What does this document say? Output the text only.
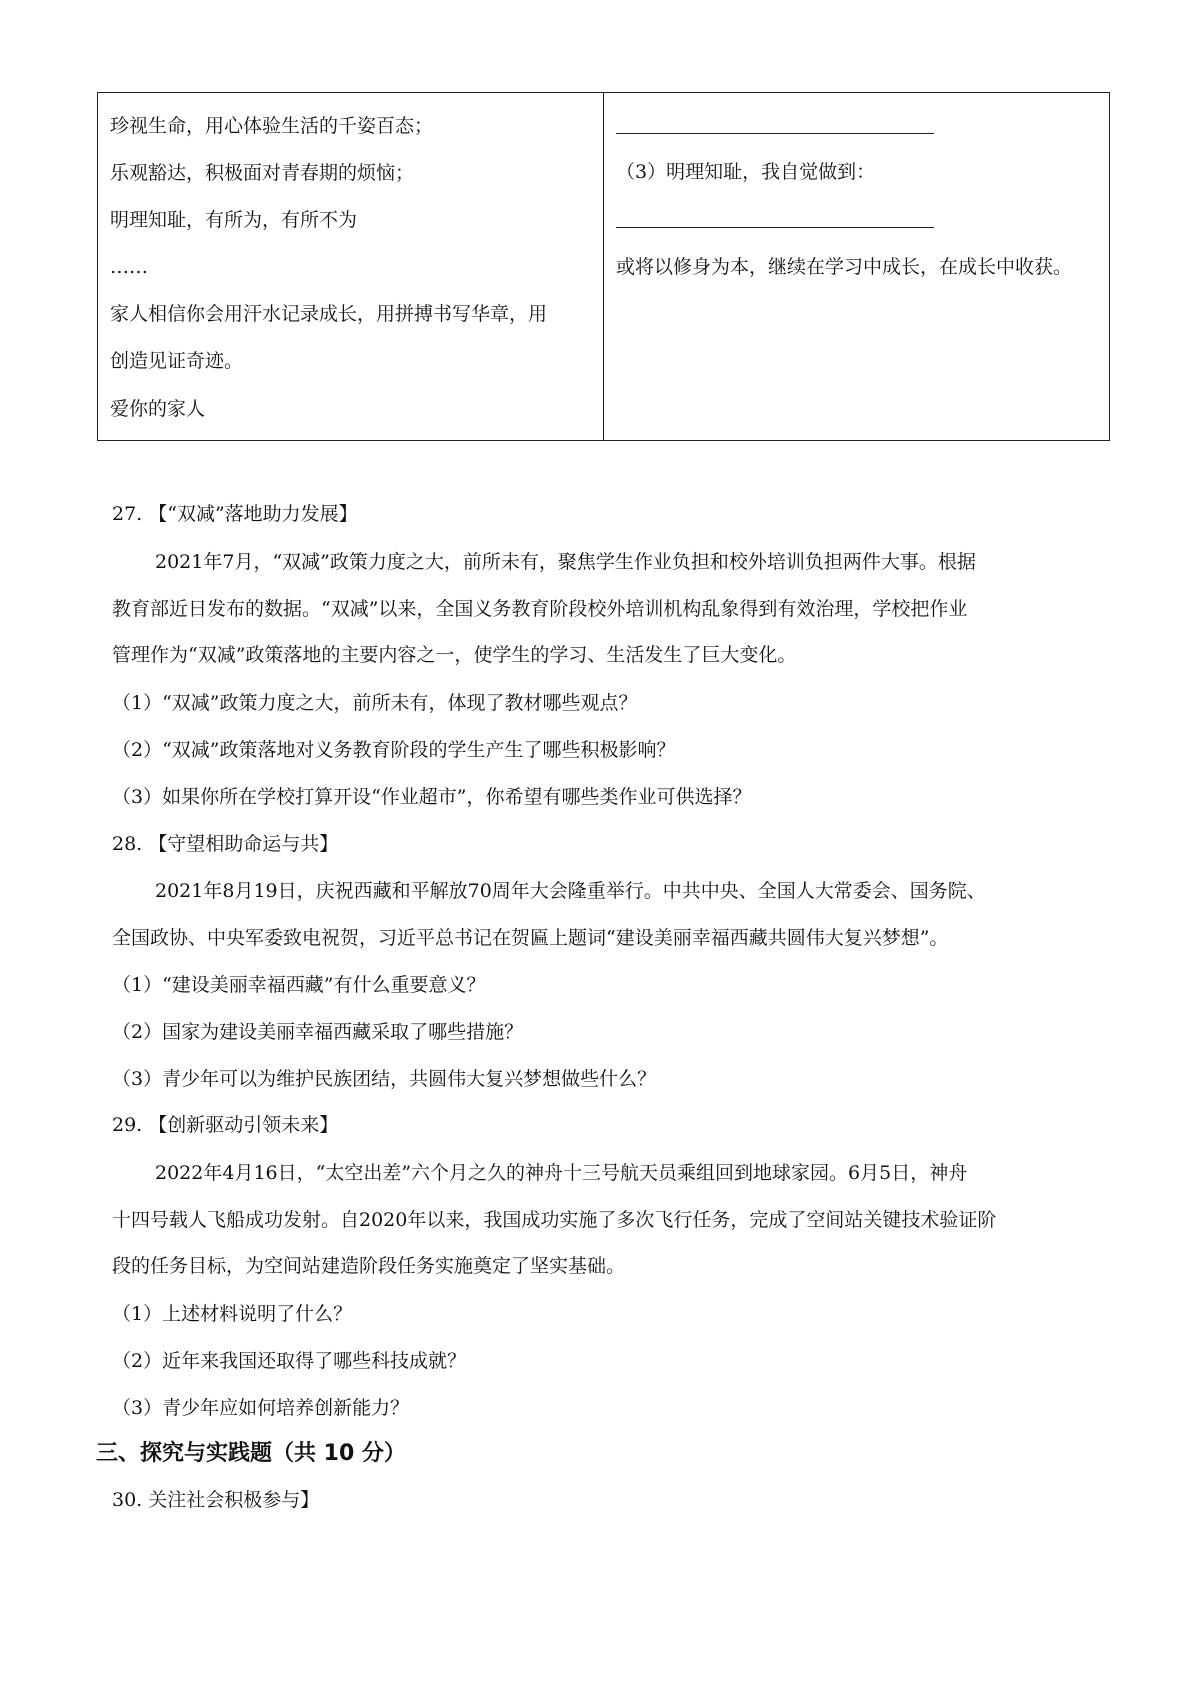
珍视生命，用心体验生活的千姿百态；
乐观豁达，积极面对青春期的烦恼；
明理知耻，有所为，有所不为
……
家人相信你会用汗水记录成长，用拼搏书写华章，用
创造见证奇迹。
爱你的家人
（3）明理知耻，我自觉做到：
或将以修身为本，继续在学习中成长，在成长中收获。
27. 【“双减”落地助力发展】
2021年7月，“双减”政策力度之大，前所未有，聚焦学生作业负担和校外培训负担两件大事。根据
教育部近日发布的数据。“双减”以来，全国义务教育阶段校外培训机构乱象得到有效治理，学校把作业
管理作为“双减”政策落地的主要内容之一，使学生的学习、生活发生了巨大变化。
（1）“双减”政策力度之大，前所未有，体现了教材哪些观点？
（2）“双减”政策落地对义务教育阶段的学生产生了哪些积极影响？
（3）如果你所在学校打算开设“作业超市”，你希望有哪些类作业可供选择？
28. 【守望相助命运与共】
2021年8月19日，庆祝西藏和平解放70周年大会隆重举行。中共中央、全国人大常委会、国务院、
全国政协、中央军委致电祝贺，习近平总书记在贺匾上题词“建设美丽幸福西藏共圆伟大复兴梦想”。
（1）“建设美丽幸福西藏”有什么重要意义？
（2）国家为建设美丽幸福西藏采取了哪些措施？
（3）青少年可以为维护民族团结，共圆伟大复兴梦想做些什么？
29. 【创新驱动引领未来】
2022年4月16日，“太空出差”六个月之久的神舟十三号航天员乘组回到地球家园。6月5日，神舟
十四号载人飞船成功发射。自2020年以来，我国成功实施了多次飞行任务，完成了空间站关键技术验证阶
段的任务目标，为空间站建造阶段任务实施奠定了坚实基础。
（1）上述材料说明了什么？
（2）近年来我国还取得了哪些科技成就？
（3）青少年应如何培养创新能力？
三、探究与实践题（共 10 分）
30. 关注社会积极参与】
